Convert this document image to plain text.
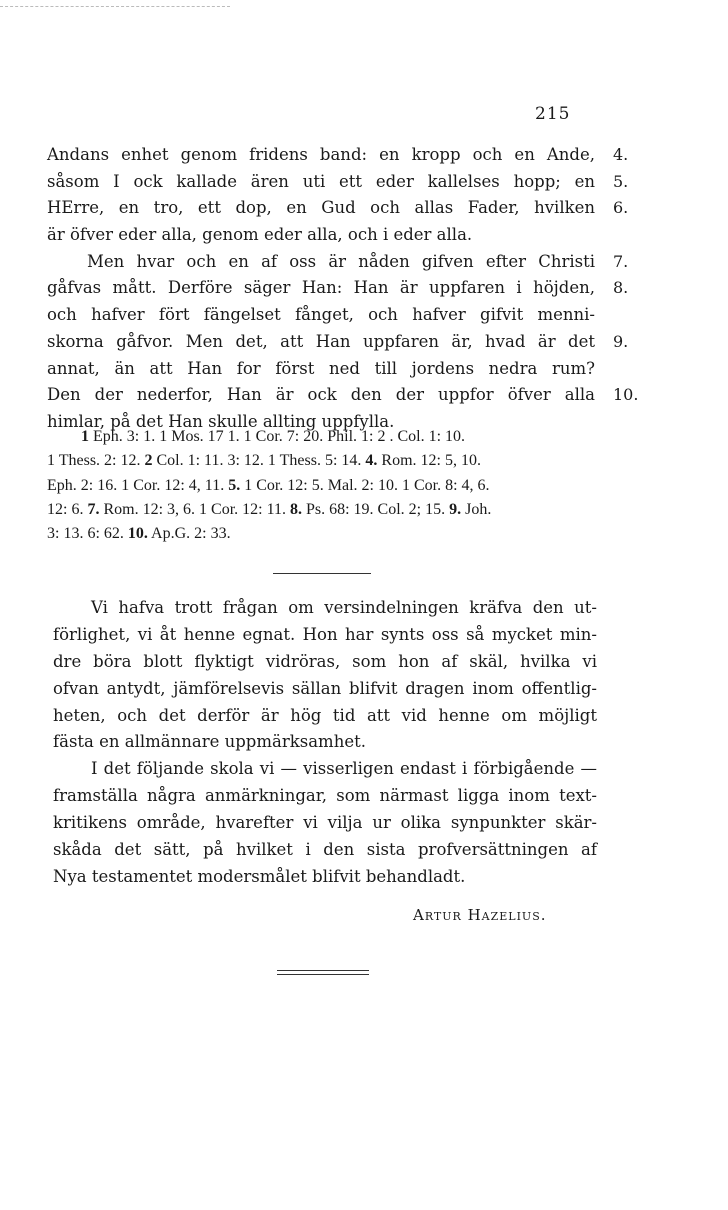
215
Andans enhet genom fridens band: en kropp och en Ande, 4.
såsom I ock kallade ären uti ett eder kallelses hopp; en 5.
HErre, en tro, ett dop, en Gud och allas Fader, hvilken 6.
är öfver eder alla, genom eder alla, och i eder alla.
Men hvar och en af oss är nåden gifven efter Christi 7.
gåfvas mått. Derföre säger Han: Han är uppfaren i höjden, 8.
och hafver fört fängelset fånget, och hafver gifvit menni-
skorna gåfvor. Men det, att Han uppfaren är, hvad är det 9.
annat, än att Han for först ned till jordens nedra rum?
Den der nederfor, Han är ock den der uppfor öfver alla 10.
himlar, på det Han skulle allting uppfylla.
1 Eph. 3: 1. 1 Mos. 17 1. 1 Cor. 7: 20. Phil. 1: 2 . Col. 1: 10.
1 Thess. 2: 12. 2 Col. 1: 11. 3: 12. 1 Thess. 5: 14. 4. Rom. 12: 5, 10.
Eph. 2: 16. 1 Cor. 12: 4, 11. 5. 1 Cor. 12: 5. Mal. 2: 10. 1 Cor. 8: 4, 6.
12: 6. 7. Rom. 12: 3, 6. 1 Cor. 12: 11. 8. Ps. 68: 19. Col. 2; 15. 9. Joh.
3: 13. 6: 62. 10. Ap.G. 2: 33.
Vi hafva trott frågan om versindelningen kräfva den ut-
förlighet, vi åt henne egnat. Hon har synts oss så mycket min-
dre böra blott flyktigt vidröras, som hon af skäl, hvilka vi
ofvan antydt, jämförelsevis sällan blifvit dragen inom offentlig-
heten, och det derför är hög tid att vid henne om möjligt
fästa en allmännare uppmärksamhet.
I det följande skola vi — visserligen endast i förbigående —
framställa några anmärkningar, som närmast ligga inom text-
kritikens område, hvarefter vi vilja ur olika synpunkter skär-
skåda det sätt, på hvilket i den sista profversättningen af
Nya testamentet modersmålet blifvit behandladt.
Artur Hazelius.
